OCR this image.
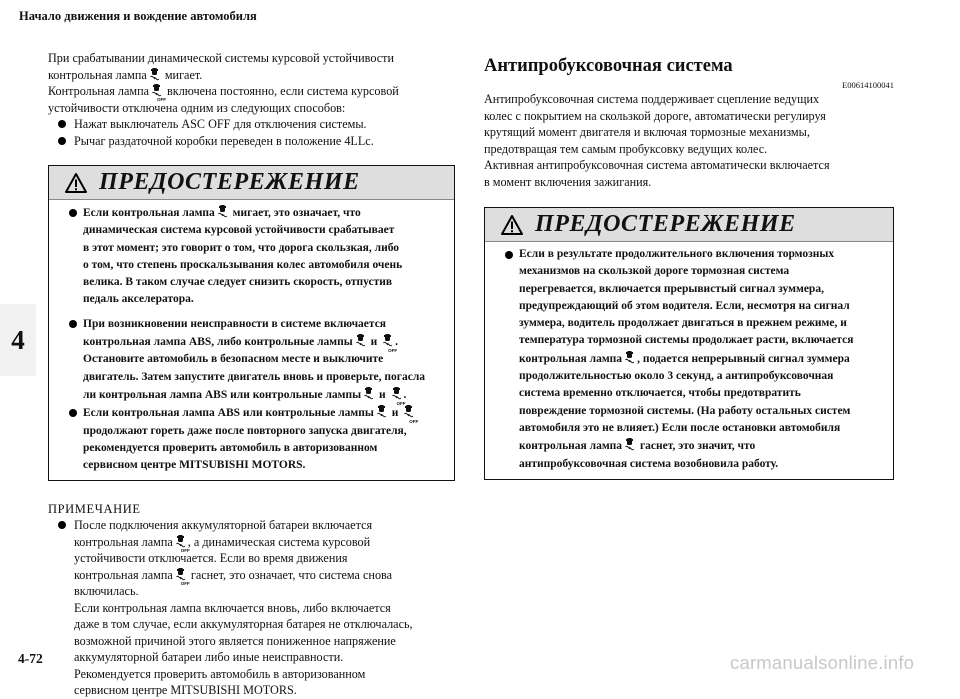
Начало движения и вождение автомобиля
4
4-72	carmanualsonline.info
При срабатывании динамической системы курсовой устойчивости
контрольная лампа
мигает.
Контрольная лампа
OFF включена постоянно, если система курсовой
устойчивости отключена одним из следующих способов:
Нажат выключатель ASC OFF для отключения системы.
Рычаг раздаточной коробки переведен в положение 4LLc.
ПРЕДОСТЕРЕЖЕНИЕ
Если контрольная лампа
мигает, это означает, что
динамическая система курсовой устойчивости срабатывает
в этот момент; это говорит о том, что дорога скользкая, либо
о том, что степень проскальзывания колес автомобиля очень
велика. В таком случае следует снизить скорость, отпустив
педаль акселератора.
При возникновении неисправности в системе включается
контрольная лампа ABS, либо контрольные лампы
и
OFF.
Остановите автомобиль в безопасном месте и выключите
двигатель. Затем запустите двигатель вновь и проверьте, погасла
ли контрольная лампа ABS или контрольные лампы
и
OFF.
Если контрольная лампа ABS или контрольные лампы
и
OFF
продолжают гореть даже после повторного запуска двигателя,
рекомендуется проверить автомобиль в авторизованном
сервисном центре MITSUBISHI MOTORS.
ПРИМЕЧАНИЕ
После подключения аккумуляторной батареи включается
контрольная лампа
OFF , а динамическая система курсовой
устойчивости отключается. Если во время движения
контрольная лампа
OFF гаснет, это означает, что система снова
включилась.
Если контрольная лампа включается вновь, либо включается
даже в том случае, если аккумуляторная батарея не отключалась,
возможной причиной этого является пониженное напряжение
аккумуляторной батареи либо иные неисправности.
Рекомендуется проверить автомобиль в авторизованном
сервисном центре MITSUBISHI MOTORS.
Антипробуксовочная система
E00614100041
Антипробуксовочная система поддерживает сцепление ведущих
колес с покрытием на скользкой дороге, автоматически регулируя
крутящий момент двигателя и включая тормозные механизмы,
предотвращая тем самым пробуксовку ведущих колес.
Активная антипробуксовочная система автоматически включается
в момент включения зажигания.
ПРЕДОСТЕРЕЖЕНИЕ
Если в результате продолжительного включения тормозных
механизмов на скользкой дороге тормозная система
перегревается, включается прерывистый сигнал зуммера,
предупреждающий об этом водителя. Если, несмотря на сигнал
зуммера, водитель продолжает двигаться в прежнем режиме, и
температура тормозной системы продолжает расти, включается
контрольная лампа , подается непрерывный сигнал зуммера
продолжительностью около 3 секунд, а антипробуксовочная
система временно отключается, чтобы предотвратить
повреждение тормозной системы. (На работу остальных систем
автомобиля это не влияет.) Если после остановки автомобиля
контрольная лампа
гаснет, это значит, что
антипробуксовочная система возобновила работу.
